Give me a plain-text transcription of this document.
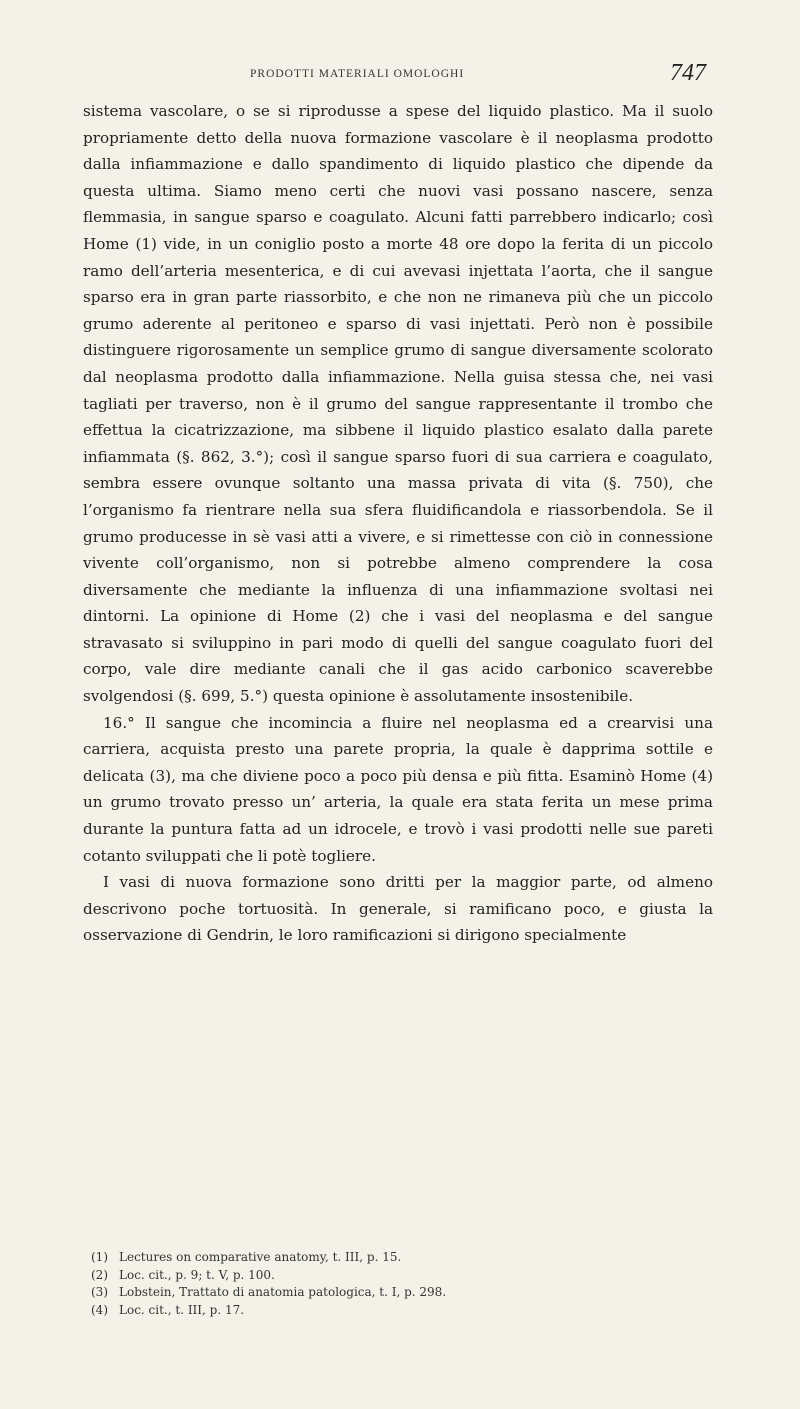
PRODOTTI MATERIALI OMOLOGHI	747

sistema vascolare, o se si riprodusse a spese del liquido plastico. Ma il suolo propriamente detto della nuova formazione vascolare è il neoplasma prodotto dalla infiammazione e dallo spandimento di liquido plastico che dipende da questa ultima. Siamo meno certi che nuovi vasi possano nascere, senza flemmasia, in sangue sparso e coagulato. Alcuni fatti parrebbero indicarlo; così Home (1) vide, in un coniglio posto a morte 48 ore dopo la ferita di un piccolo ramo dell’arteria mesenterica, e di cui avevasi injettata l’aorta, che il sangue sparso era in gran parte riassorbito, e che non ne rimaneva più che un piccolo grumo aderente al peritoneo e sparso di vasi injettati. Però non è possibile distinguere rigorosamente un semplice grumo di sangue diversamente scolorato dal neoplasma prodotto dalla infiammazione. Nella guisa stessa che, nei vasi tagliati per traverso, non è il grumo del sangue rappresentante il trombo che effettua la cicatrizzazione, ma sibbene il liquido plastico esalato dalla parete infiammata (§. 862, 3.°); così il sangue sparso fuori di sua carriera e coagulato, sembra essere ovunque soltanto una massa privata di vita (§. 750), che l’organismo fa rientrare nella sua sfera fluidificandola e riassorbendola. Se il grumo producesse in sè vasi atti a vivere, e si rimettesse con ciò in connessione vivente coll’organismo, non si potrebbe almeno comprendere la cosa diversamente che mediante la influenza di una infiammazione svoltasi nei dintorni. La opinione di Home (2) che i vasi del neoplasma e del sangue stravasato si sviluppino in pari modo di quelli del sangue coagulato fuori del corpo, vale dire mediante canali che il gas acido carbonico scaverebbe svolgendosi (§. 699, 5.°) questa opinione è assolutamente insostenibile.

16.° Il sangue che incomincia a fluire nel neoplasma ed a crearvisi una carriera, acquista presto una parete propria, la quale è dapprima sottile e delicata (3), ma che diviene poco a poco più densa e più fitta. Esaminò Home (4) un grumo trovato presso un’ arteria, la quale era stata ferita un mese prima durante la puntura fatta ad un idrocele, e trovò i vasi prodotti nelle sue pareti cotanto sviluppati che li potè togliere.

I vasi di nuova formazione sono dritti per la maggior parte, od almeno descrivono poche tortuosità. In generale, si ramificano poco, e giusta la osservazione di Gendrin, le loro ramificazioni si dirigono specialmente

(1) Lectures on comparative anatomy, t. III, p. 15.

(2) Loc. cit., p. 9; t. V, p. 100.

(3) Lobstein, Trattato di anatomia patologica, t. I, p. 298.

(4) Loc. cit., t. III, p. 17.
